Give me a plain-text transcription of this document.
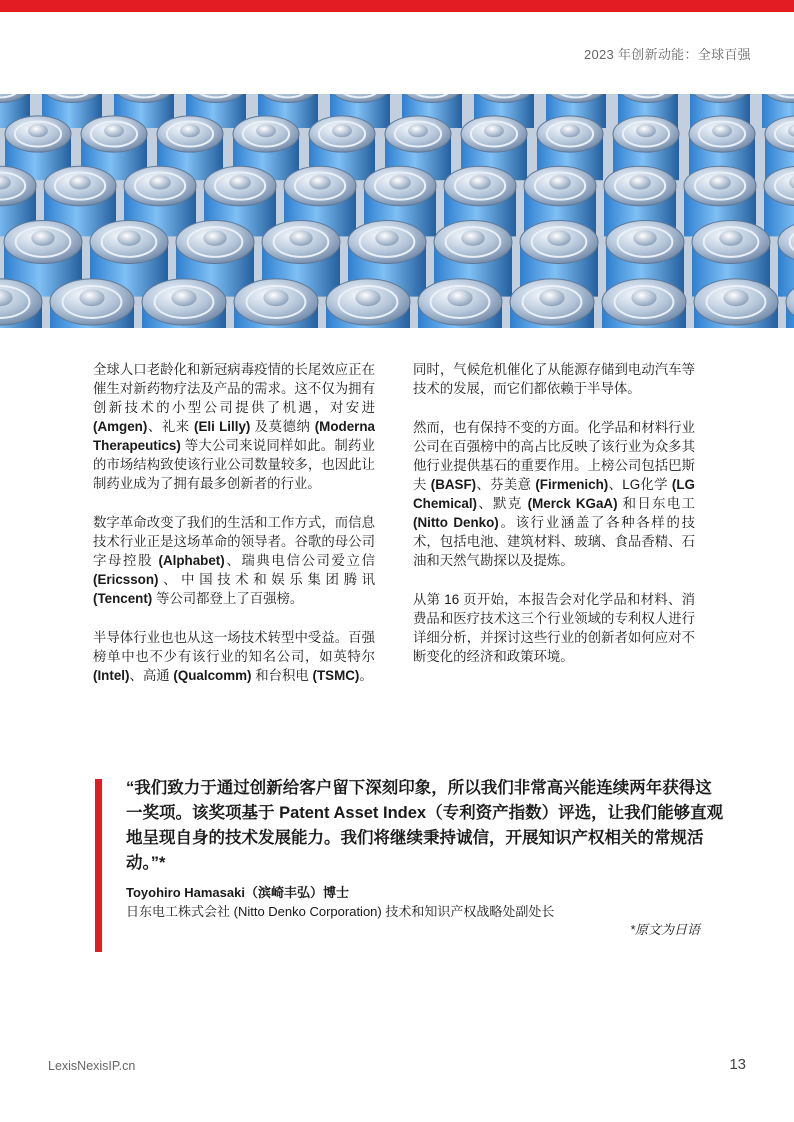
2023 年创新动能：全球百强

全球人口老龄化和新冠病毒疫情的长尾效应正在催生对新药物疗法及产品的需求。这不仅为拥有创新技术的小型公司提供了机遇，对安进 (Amgen)、礼来 (Eli Lilly) 及莫德纳 (Moderna Therapeutics) 等大公司来说同样如此。制药业的市场结构致使该行业公司数量较多，也因此让制药业成为了拥有最多创新者的行业。

数字革命改变了我们的生活和工作方式，而信息技术行业正是这场革命的领导者。谷歌的母公司字母控股 (Alphabet)、瑞典电信公司爱立信 (Ericsson)、中国技术和娱乐集团腾讯 (Tencent) 等公司都登上了百强榜。

半导体行业也也从这一场技术转型中受益。百强榜单中也不少有该行业的知名公司，如英特尔 (Intel)、高通 (Qualcomm) 和台积电 (TSMC)。

同时，气候危机催化了从能源存储到电动汽车等技术的发展，而它们都依赖于半导体。

然而，也有保持不变的方面。化学品和材料行业公司在百强榜中的高占比反映了该行业为众多其他行业提供基石的重要作用。上榜公司包括巴斯夫 (BASF)、芬美意 (Firmenich)、LG化学 (LG Chemical)、默克 (Merck KGaA) 和日东电工 (Nitto Denko)。该行业涵盖了各种各样的技术，包括电池、建筑材料、玻璃、食品香精、石油和天然气勘探以及提炼。

从第 16 页开始，本报告会对化学品和材料、消费品和医疗技术这三个行业领域的专利权人进行详细分析，并探讨这些行业的创新者如何应对不断变化的经济和政策环境。

“我们致力于通过创新给客户留下深刻印象，所以我们非常高兴能连续两年获得这一奖项。该奖项基于 Patent Asset Index（专利资产指数）评选，让我们能够直观地呈现自身的技术发展能力。我们将继续秉持诚信，开展知识产权相关的常规活动。”*
Toyohiro Hamasaki（滨崎丰弘）博士
日东电工株式会社 (Nitto Denko Corporation) 技术和知识产权战略处副处长
*原文为日语
LexisNexisIP.cn	13
